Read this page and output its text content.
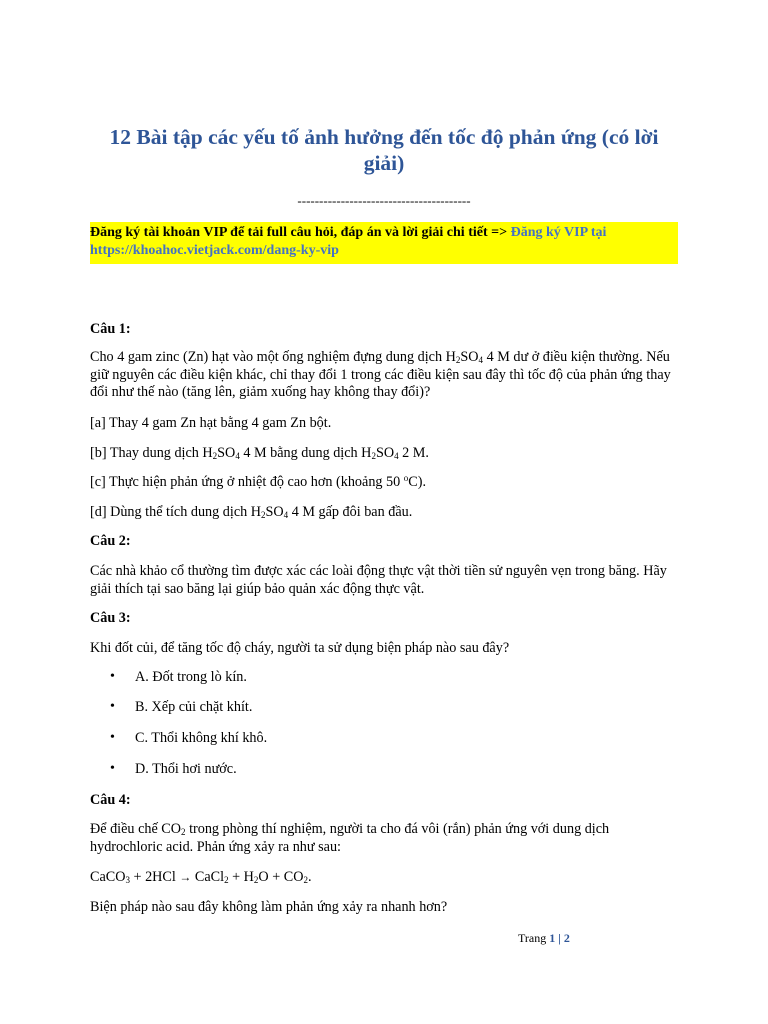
12 Bài tập các yếu tố ảnh hưởng đến tốc độ phản ứng (có lời giải)
----------------------------------------
Đăng ký tài khoản VIP để tải full câu hỏi, đáp án và lời giải chi tiết => Đăng ký VIP tại https://khoahoc.vietjack.com/dang-ky-vip
Câu 1:
Cho 4 gam zinc (Zn) hạt vào một ống nghiệm đựng dung dịch $H_2SO_4$ 4 M dư ở điều kiện thường. Nếu giữ nguyên các điều kiện khác, chỉ thay đổi 1 trong các điều kiện sau đây thì tốc độ của phản ứng thay đổi như thế nào (tăng lên, giảm xuống hay không thay đổi)?
[a] Thay 4 gam Zn hạt bằng 4 gam Zn bột.
[b] Thay dung dịch $H_2SO_4$ 4 M bằng dung dịch $H_2SO_4$ 2 M.
[c] Thực hiện phản ứng ở nhiệt độ cao hơn (khoảng 50 $^o$C).
[d] Dùng thể tích dung dịch $H_2SO_4$ 4 M gấp đôi ban đầu.
Câu 2:
Các nhà khảo cổ thường tìm được xác các loài động thực vật thời tiền sử nguyên vẹn trong băng. Hãy giải thích tại sao băng lại giúp bảo quản xác động thực vật.
Câu 3:
Khi đốt củi, để tăng tốc độ cháy, người ta sử dụng biện pháp nào sau đây?
• A. Đốt trong lò kín.
• B. Xếp củi chặt khít.
• C. Thổi không khí khô.
• D. Thổi hơi nước.
Câu 4:
Để điều chế $CO_2$ trong phòng thí nghiệm, người ta cho đá vôi (rắn) phản ứng với dung dịch hydrochloric acid. Phản ứng xảy ra như sau:
CaCO$_3$ + 2HCl → CaCl$_2$ + $H_2O + CO_2$.
Biện pháp nào sau đây không làm phản ứng xảy ra nhanh hơn?
Trang 1 | 2
